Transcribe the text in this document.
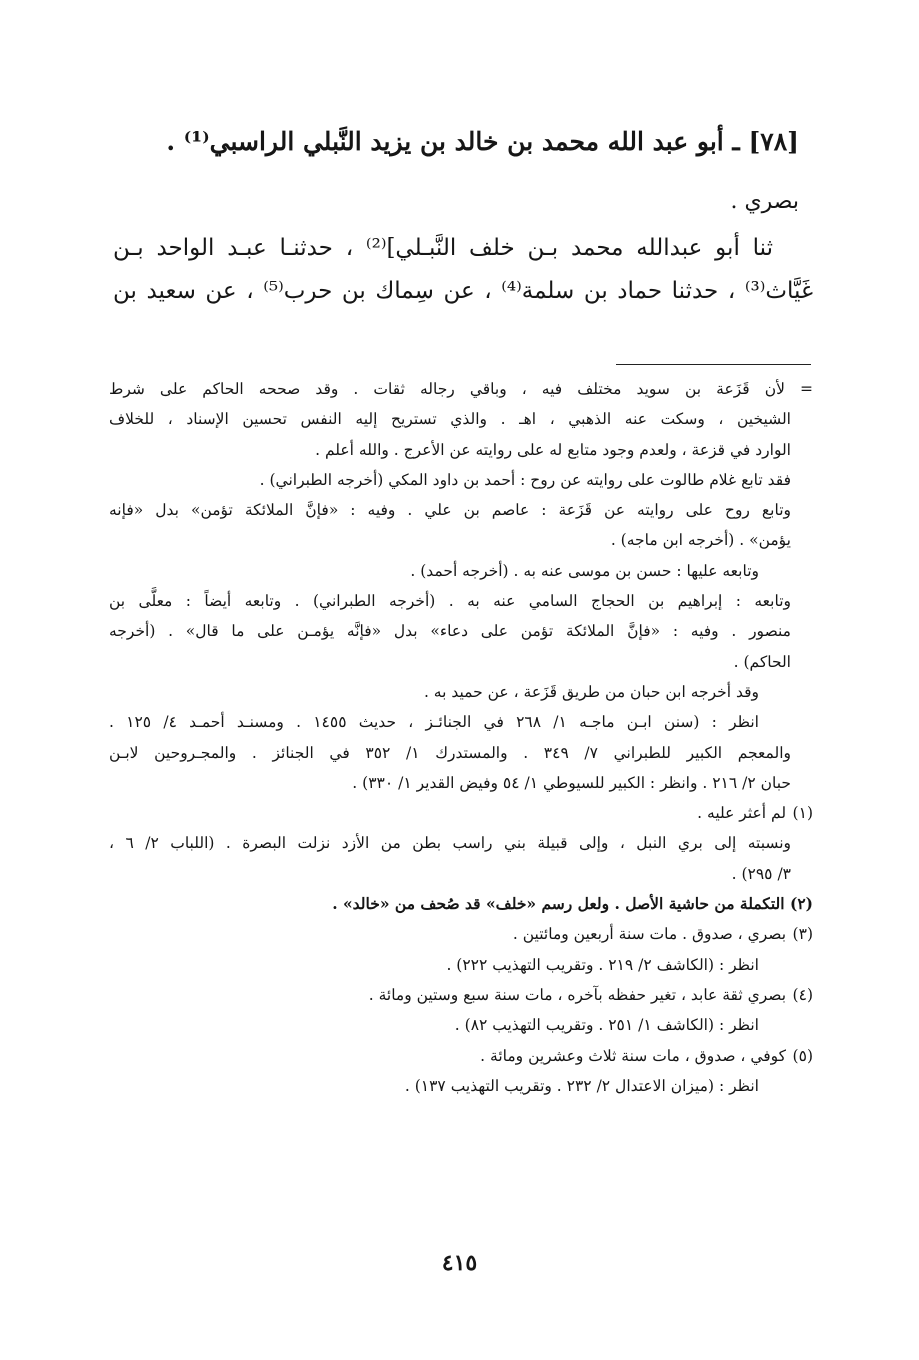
[٧٨] ـ أبو عبد الله محمد بن خالد بن يزيد النَّبلي الراسبي⁽¹⁾ .
بصري .
ثنا أبو عبدالله محمد بـن خلف النَّبـلي]⁽²⁾ ، حدثنـا عبـد الواحد بـن
غَيَّاث⁽³⁾ ، حدثنا حماد بن سلمة⁽⁴⁾ ، عن سِماك بن حرب⁽⁵⁾ ، عن سعيد بن
= لأن قَزَعة بن سويد مختلف فيه ، وباقي رجاله ثقات . وقد صححه الحاكم على شرط
الشيخين ، وسكت عنه الذهبي ، اهـ . والذي تستريح إليه النفس تحسين الإسناد ، للخلاف
الوارد في قزعة ، ولعدم وجود متابع له على روايته عن الأعرج . والله أعلم .
فقد تابع غلام طالوت على روايته عن روح : أحمد بن داود المكي (أخرجه الطبراني) .
وتابع روح على روايته عن قَزَعة : عاصم بن علي . وفيه : «فإنَّ الملائكة تؤمن» بدل «فإنه
يؤمن» . (أخرجه ابن ماجه) .
وتابعه عليها : حسن بن موسى عنه به . (أخرجه أحمد) .
وتابعه : إبراهيم بن الحجاج السامي عنه به . (أخرجه الطبراني) . وتابعه أيضاً : معلَّى بن
منصور . وفيه : «فإنَّ الملائكة تؤمن على دعاء» بدل «فإنَّه يؤمـن على ما قال» . (أخرجه
الحاكم) .
وقد أخرجه ابن حبان من طريق قَزَعة ، عن حميد به .
انظر : (سنن ابـن ماجـه ١/ ٢٦٨ في الجنائـز ، حديث ١٤٥٥ . ومسنـد أحمـد ٤/ ١٢٥ .
والمعجم الكبير للطبراني ٧/ ٣٤٩ . والمستدرك ١/ ٣٥٢ في الجنائز . والمجـروحين لابـن
حبان ٢/ ٢١٦ . وانظر : الكبير للسيوطي ١/ ٥٤ وفيض القدير ١/ ٣٣٠) .
(١) لم أعثر عليه .
ونسبته إلى بري النبل ، وإلى قبيلة بني راسب بطن من الأزد نزلت البصرة . (اللباب ٢/ ٦ ،
٣/ ٢٩٥) .
(٢) التكملة من حاشية الأصل . ولعل رسم «خلف» قد صُحف من «خالد» .
(٣) بصري ، صدوق . مات سنة أربعين ومائتين .
انظر : (الكاشف ٢/ ٢١٩ . وتقريب التهذيب ٢٢٢) .
(٤) بصري ثقة عابد ، تغير حفظه بآخره ، مات سنة سبع وستين ومائة .
انظر : (الكاشف ١/ ٢٥١ . وتقريب التهذيب ٨٢) .
(٥) كوفي ، صدوق ، مات سنة ثلاث وعشرين ومائة .
انظر : (ميزان الاعتدال ٢/ ٢٣٢ . وتقريب التهذيب ١٣٧) .
٤١٥
